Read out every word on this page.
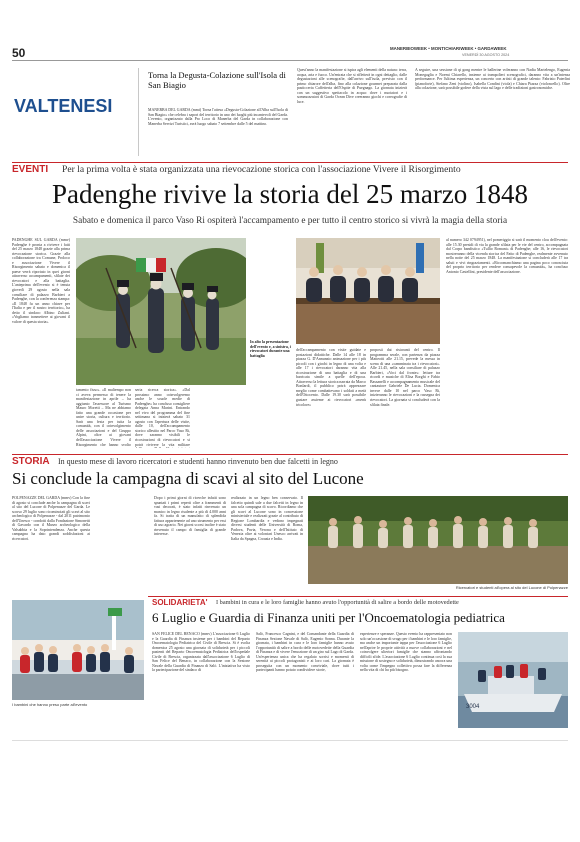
50	MANERBIOWEEK • MONTICHIARIWEEK • GARDAWEEK
VENERDÌ 30 AGOSTO 2024
VALTENESI
Torna la Degusta-Colazione sull'Isola di San Biagio
MANERBA DEL GARDA (mmi) Torna l'attesa «Degusta-Colazione all'Alba sull'Isola di San Biagio» che celebra i sapori del territorio in uno dei luoghi più incantevoli del Garda. L'evento, organizzato dalla Pro Loco di Manerba del Garda in collaborazione con Manerba Servizi Turistici, avrà luogo sabato 7 settembre dalle 5 del mattino.
Quest'anno la manifestazione si ispira agli elementi della natura: terra, acqua, aria e fuoco. Un'entrata che si rifletterà in ogni dettaglio, dalle degustazioni alle scenografie, dall'arrivo sull'isola, previsto con il primo chiarore dell'alba, fino alla colazione gourmet preparata dalla pasticceria Caffetteria dell'Ospite di Puegnago. La giornata inizierà con un suggestivo spettacolo in acqua: dove i nuotatori e i sommozzatori di Garda Ocean Dive creeranno giochi e coreografie di luce.
A seguire, una sessione di qi gong mentre le ballerine voleranno con Nadia Martelengo, Eugenia Monegaglia e Noemi Chiarello, insieme ai trampolieri scenografici, daranno vita a un'intensa performance. Per l'ultima esperienza, un concerto con artisti di grande talento: Fabrizio Paterlini (pianoforte), Stefano Zeni (violino), Isabella Condini (viola) e Chiara Piazza (violoncello). Oltre alla colazione, sarà possibile godere della vista sul lago e delle tradizioni gastronomiche.
EVENTI Per la prima volta è stata organizzata una rievocazione storica con l'associazione Vivere il Risorgimento
Padenghe rivive la storia del 25 marzo 1848
Sabato e domenica il parco Vaso Ri ospiterà l'accampamento e per tutto il centro storico si vivrà la magia della storia
PADENGHE SUL GARDA (mmv) Padenghe è pronta a rivivere i fatti del 25 marzo 1848 grazie alla prima rievocazione storica. Grazie alla collaborazione tra Comune, Proloco e associazione Vivere il Risorgimento sabato e domenica il paese verrà riportato in quei giorni attraverso accampamenti, sfilate dei rievocatori e alla battaglia. L'anteprima dell'evento si è tenuta giovedì 29 agosto nella sala consiliare di palazzo Barbieri a Padenghe, con la conferenza stampa: «Il 1848 fu un anno chiave per l'Italia e per il nostro territorio», ha detto il sindaco Albino Zuliani. «Vogliamo trasmettere ai giovani il valore di questa storia».
tamento fisso». «Il maltempo non ci aveva permesso di tenere la manifestazione in aprile – ha aggiunto l'assessore al Turismo Mauro Moretti – Ma ne abbiamo fatto una grande occasione per unire storia, cultura e territorio. Sarà una festa per tutta la comunità, con il coinvolgimento delle associazioni e del Gruppo Alpini, oltre ai giovani dell'associazione Vivere il Risorgimento che hanno svolto
seria ricerca storica». «Dal prossimo anno coinvolgeremo anche le scuole medie di Padenghe» ha concluso consigliere delegata Anna Marini. Entrando nel vivo del programma del fine settimana si inizierà sabato 31 agosto con l'apertura delle visite, dalle 10, dell'accampamento storico allestito nel Parco Vaso Ri, dove saranno visibili le ricostruzioni di rievocatori e si potrà rivivere la vita militare
In alto la presentazione dell'evento e, a sinistra, i rievocatori durante una battaglia
dell'accampamento con visite guidate e postazioni didattiche. Dalle 14 alle 18 in piazza G. D'Annunzio animazione per i più piccoli con i giochi in legno di una volta e alle 17 i rievocatori daranno vita alla ricostruzione di una battaglia e di una barricata simile a quelle dell'epoca. Attraverso la lettura storica narrata da Marco Bonlardi, il pubblico potrà apprezzare meglio come combattevano i soldati a metà dell'Ottocento. Dalle 19.30 sarà possibile gustare assieme ai rievocatori «menù tricolore»
proposti dai ristoranti del centro. Il programma serale, con partenza da piazza Matteotti alle 21.15, prevede la messa in scena di una «camminata tra i rievocatori». Alle 21.45, nella sala consiliare di palazzo Barbieri, «Voci dal fronte»: letture tra ricordi e musiche di Elisa Borghi e Fabio Bassanelli e accompagnamento musicale del cantautore Gabriele De Lucia. Domenica invece dalle 10 nel parco Vaso Ri, inizieranno le rievocazioni e la rassegna dei rievocatori. La giornata si concluderà con la sfilata finale.
al numero 342 0794951), nel pomeriggio si sarà il momento clou dell'evento: alle 15.30 presidi di via la grande sfilata per le vie del centro, accompagnata dal Corpo bandistico «Tullio Romani» di Padenghe; alle 16, le rievocatori mostreranno della vicenda storica del Fatto di Padenghe, realmente avvenuto nella notte del 25 marzo 1848. La manifestazione si concluderà alle 17 tra saluti e vivi ringraziamenti. «Riccomanchiamo una pagina poco conosciuta del proprio territorio per rendere consapevole la comunità», ha concluso Antonio Castellini, presidente dell'associazione.
STORIA In questo mese di lavoro ricercatori e studenti hanno rinvenuto ben due falcetti in legno
Si conclude la campagna di scavi al sito del Lucone
POLPENAZZE DEL GARDA (mmv) Con la fine di agosto si conclude anche la campagna di scavi al sito del Lucone di Polpenazze del Garda. Le scorso 29 luglio sono ricominciati gli scavi al sito archeologico di Polpenazze - dal 2011 patrimonio dell'Unesco - condotti dalla Fondazione Simonetti di Gavardo con il Museo archeologico della Valsabbia e la Soprintendenza. Anche questa campagna ha dato grandi soddisfazioni ai ricercatori.
Dopo i primi giorni di ricerche infatti sono spuntati i primi reperti oltre a frammenti di vasi decorati, è stato infatti rinvenuto un manico in legno risalente a più di 4.000 anni fa. Si tratta di un manufatto di splendida fattura appartenente ad uno strumento per essi di uso agrario. Nei giorni scorsi inoltre è stato rinvenuto il campo di famiglia di grande interesse.
realizzato in un legno ben conservato. Il falcetto quindi sale a due falcetti in legno in una sola campagna di scavo. Ricordiamo che gli scavi al Lucone sono in concessione ministeriale e realizzati grazie al contributo di Regione Lombardia e vedono impegnati diversi studenti delle Università di Roma, Padova, Pavia, Verona e dell'Istituto di Venezia oltre ai volontari Unesco arrivati in Italia da Spagna, Croazia e India.
Ricercatori e studenti all'opera al sito del Lucone di Polpenazze
SOLIDARIETA' I bambini in cura e le loro famiglie hanno avuto l'opportunità di salire a bordo delle motovedette
6 Luglio e Guardia di Finanza uniti per l'Oncoematologia pediatrica
I bambini che hanno preso parte all'evento
SAN FELICE DEL BENACO (mmv) L'associazione 6 Luglio e la Guardia di Finanza insieme per i bambini del Reparto Oncoematologia Pediatrica del Civile di Brescia. Si è svolta domenica 25 agosto una giornata di solidarietà per i piccoli pazienti del Reparto Oncoematologia Pediatrica dell'ospedale Civile di Brescia, organizzata dall'associazione 6 Luglio di San Felice del Benaco, in collaborazione con la Sezione Navale della Guardia di Finanza di Salò. L'iniziativa ha visto la partecipazione del sindaco di
Salò, Francesco Cagnini, e del Comandante della Guardia di Finanza Sezione Navale di Salò, Eugenio Sonna. Durante la giornata, i bambini in cura e le loro famiglie hanno avuto l'opportunità di salire a bordo delle motovedette della Guardia di Finanza e di vivere l'emozione di un giro sul Lago di Garda. Un'esperienza unica che ha regalato sorrisi e momenti di serenità ai piccoli protagonisti e ai loro cari. La giornata è proseguita con un momento conviviale, dove tutti i partecipanti hanno potuto condividere storie,
esperienze e speranze. Questo evento ha rappresentato non solo un'occasione di svago per i bambini e le loro famiglie, ma anche un importante tappa per l'associazione 6 Luglio nell'aprire le proprie attività a nuove collaborazioni e nel coinvolgere ulteriori famiglie che stanno affrontando difficili sfide. L'associazione 6 Luglio continua così la sua missione di sostegno e solidarietà, dimostrando ancora una volta come l'impegno collettivo possa fare la differenza nella vita di chi ha più bisogno.
3004
